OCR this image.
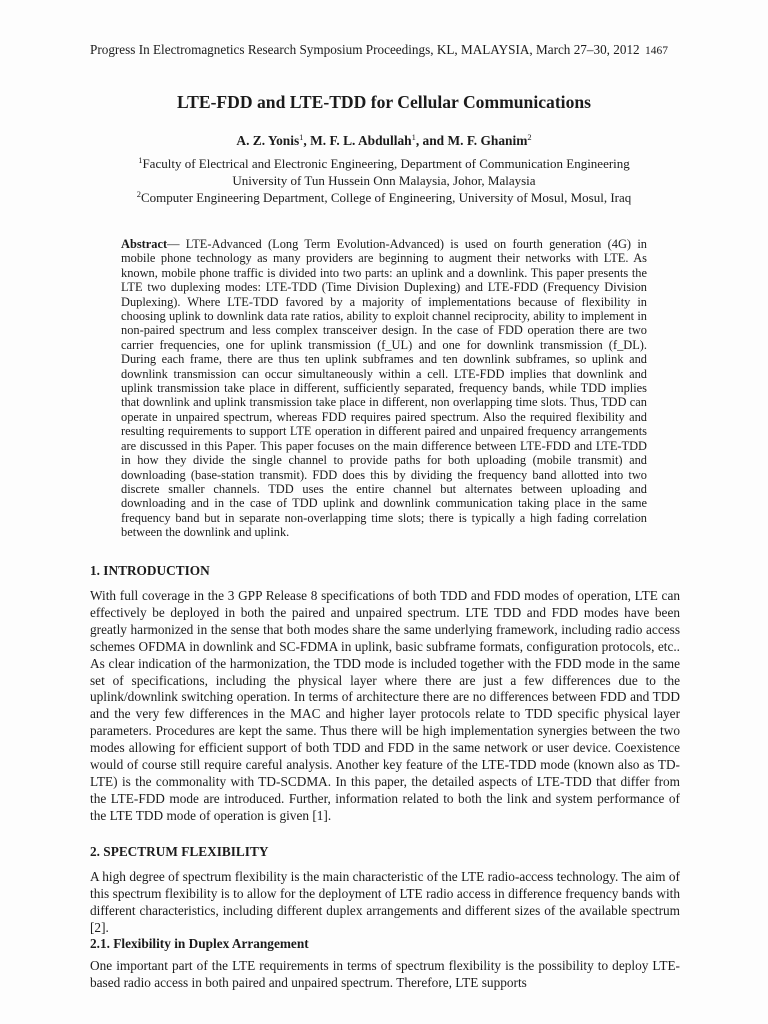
Progress In Electromagnetics Research Symposium Proceedings, KL, MALAYSIA, March 27–30, 2012 1467
LTE-FDD and LTE-TDD for Cellular Communications
A. Z. Yonis$^1$, M. F. L. Abdullah$^1$, and M. F. Ghanim$^2$
$^1$Faculty of Electrical and Electronic Engineering, Department of Communication Engineering
University of Tun Hussein Onn Malaysia, Johor, Malaysia
$^2$Computer Engineering Department, College of Engineering, University of Mosul, Mosul, Iraq
Abstract— LTE-Advanced (Long Term Evolution-Advanced) is used on fourth generation (4G) in mobile phone technology as many providers are beginning to augment their networks with LTE. As known, mobile phone traffic is divided into two parts: an uplink and a downlink. This paper presents the LTE two duplexing modes: LTE-TDD (Time Division Duplexing) and LTE-FDD (Frequency Division Duplexing). Where LTE-TDD favored by a majority of implementations because of flexibility in choosing uplink to downlink data rate ratios, ability to exploit channel reciprocity, ability to implement in non-paired spectrum and less complex transceiver design. In the case of FDD operation there are two carrier frequencies, one for uplink transmission (f_UL) and one for downlink transmission (f_DL). During each frame, there are thus ten uplink subframes and ten downlink subframes, so uplink and downlink transmission can occur simultaneously within a cell. LTE-FDD implies that downlink and uplink transmission take place in different, sufficiently separated, frequency bands, while TDD implies that downlink and uplink transmission take place in different, non overlapping time slots. Thus, TDD can operate in unpaired spectrum, whereas FDD requires paired spectrum. Also the required flexibility and resulting requirements to support LTE operation in different paired and unpaired frequency arrangements are discussed in this Paper. This paper focuses on the main difference between LTE-FDD and LTE-TDD in how they divide the single channel to provide paths for both uploading (mobile transmit) and downloading (base-station transmit). FDD does this by dividing the frequency band allotted into two discrete smaller channels. TDD uses the entire channel but alternates between uploading and downloading and in the case of TDD uplink and downlink communication taking place in the same frequency band but in separate non-overlapping time slots; there is typically a high fading correlation between the downlink and uplink.
1. INTRODUCTION

With full coverage in the 3 GPP Release 8 specifications of both TDD and FDD modes of operation, LTE can effectively be deployed in both the paired and unpaired spectrum. LTE TDD and FDD modes have been greatly harmonized in the sense that both modes share the same underlying framework, including radio access schemes OFDMA in downlink and SC-FDMA in uplink, basic subframe formats, configuration protocols, etc.. As clear indication of the harmonization, the TDD mode is included together with the FDD mode in the same set of specifications, including the physical layer where there are just a few differences due to the uplink/downlink switching operation. In terms of architecture there are no differences between FDD and TDD and the very few differences in the MAC and higher layer protocols relate to TDD specific physical layer parameters. Procedures are kept the same. Thus there will be high implementation synergies between the two modes allowing for efficient support of both TDD and FDD in the same network or user device. Coexistence would of course still require careful analysis. Another key feature of the LTE-TDD mode (known also as TD-LTE) is the commonality with TD-SCDMA. In this paper, the detailed aspects of LTE-TDD that differ from the LTE-FDD mode are introduced. Further, information related to both the link and system performance of the LTE TDD mode of operation is given [1].

2. SPECTRUM FLEXIBILITY

A high degree of spectrum flexibility is the main characteristic of the LTE radio-access technology. The aim of this spectrum flexibility is to allow for the deployment of LTE radio access in difference frequency bands with different characteristics, including different duplex arrangements and different sizes of the available spectrum [2].

2.1. Flexibility in Duplex Arrangement

One important part of the LTE requirements in terms of spectrum flexibility is the possibility to deploy LTE-based radio access in both paired and unpaired spectrum. Therefore, LTE supports
